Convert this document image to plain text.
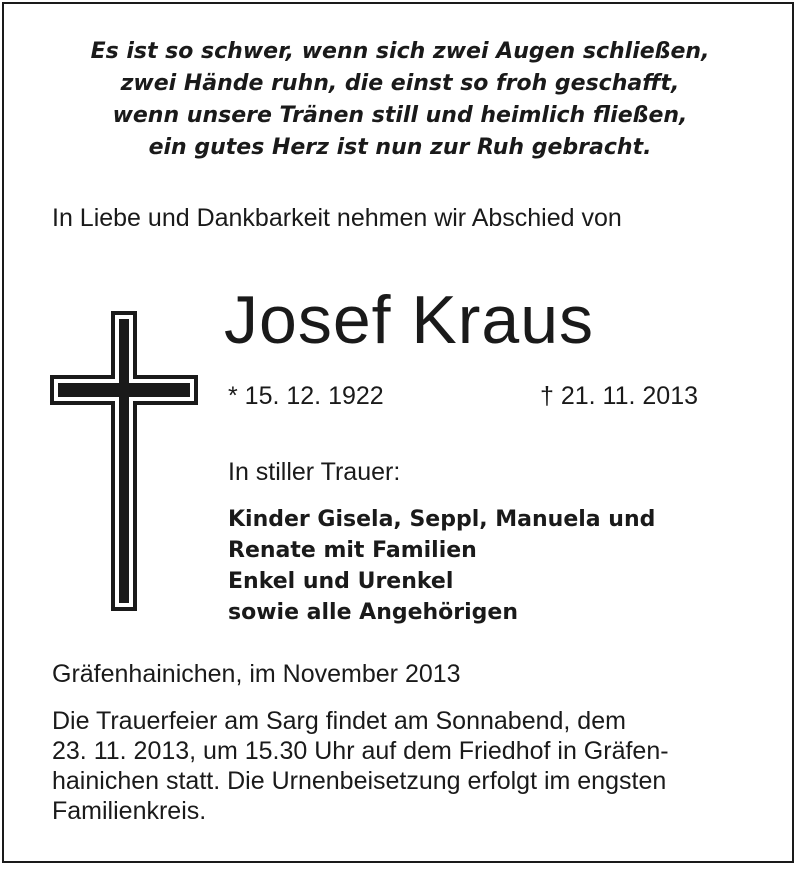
Es ist so schwer, wenn sich zwei Augen schließen,
zwei Hände ruhn, die einst so froh geschafft,
wenn unsere Tränen still und heimlich fließen,
ein gutes Herz ist nun zur Ruh gebracht.
In Liebe und Dankbarkeit nehmen wir Abschied von
Josef Kraus
* 15. 12. 1922	† 21. 11. 2013
In stiller Trauer:
Kinder Gisela, Seppl, Manuela und
Renate mit Familien
Enkel und Urenkel
sowie alle Angehörigen
Gräfenhainichen, im November 2013
Die Trauerfeier am Sarg findet am Sonnabend, dem
23. 11. 2013, um 15.30 Uhr auf dem Friedhof in Gräfen-
hainichen statt. Die Urnenbeisetzung erfolgt im engsten
Familienkreis.
